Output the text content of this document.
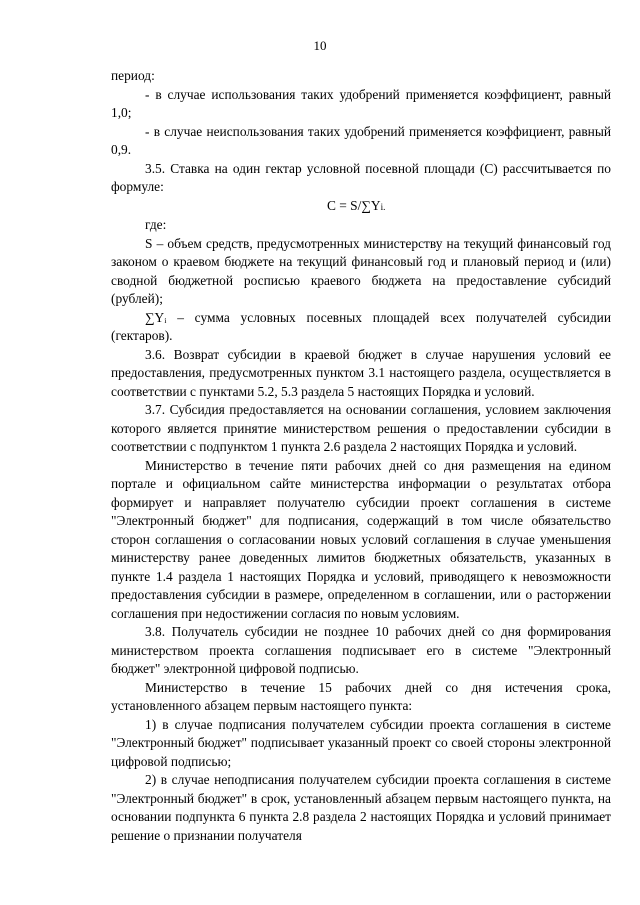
10

период:

- в случае использования таких удобрений применяется коэффициент, равный 1,0;

- в случае неиспользования таких удобрений применяется коэффициент, равный 0,9.

3.5. Ставка на один гектар условной посевной площади (С) рассчитывается по формуле:

С = S/∑Yi.

где:

S – объем средств, предусмотренных министерству на текущий финансовый год законом о краевом бюджете на текущий финансовый год и плановый период и (или) сводной бюджетной росписью краевого бюджета на предоставление субсидий (рублей);

∑Yᵢ – сумма условных посевных площадей всех получателей субсидии (гектаров).

3.6. Возврат субсидии в краевой бюджет в случае нарушения условий ее предоставления, предусмотренных пунктом 3.1 настоящего раздела, осуществляется в соответствии с пунктами 5.2, 5.3 раздела 5 настоящих Порядка и условий.

3.7. Субсидия предоставляется на основании соглашения, условием заключения которого является принятие министерством решения о предоставлении субсидии в соответствии с подпунктом 1 пункта 2.6 раздела 2 настоящих Порядка и условий.

Министерство в течение пяти рабочих дней со дня размещения на едином портале и официальном сайте министерства информации о результатах отбора формирует и направляет получателю субсидии проект соглашения в системе "Электронный бюджет" для подписания, содержащий в том числе обязательство сторон соглашения о согласовании новых условий соглашения в случае уменьшения министерству ранее доведенных лимитов бюджетных обязательств, указанных в пункте 1.4 раздела 1 настоящих Порядка и условий, приводящего к невозможности предоставления субсидии в размере, определенном в соглашении, или о расторжении соглашения при недостижении согласия по новым условиям.

3.8. Получатель субсидии не позднее 10 рабочих дней со дня формирования министерством проекта соглашения подписывает его в системе "Электронный бюджет" электронной цифровой подписью.

Министерство в течение 15 рабочих дней со дня истечения срока, установленного абзацем первым настоящего пункта:

1) в случае подписания получателем субсидии проекта соглашения в системе "Электронный бюджет" подписывает указанный проект со своей стороны электронной цифровой подписью;

2) в случае неподписания получателем субсидии проекта соглашения в системе "Электронный бюджет" в срок, установленный абзацем первым настоящего пункта, на основании подпункта 6 пункта 2.8 раздела 2 настоящих Порядка и условий принимает решение о признании получателя
